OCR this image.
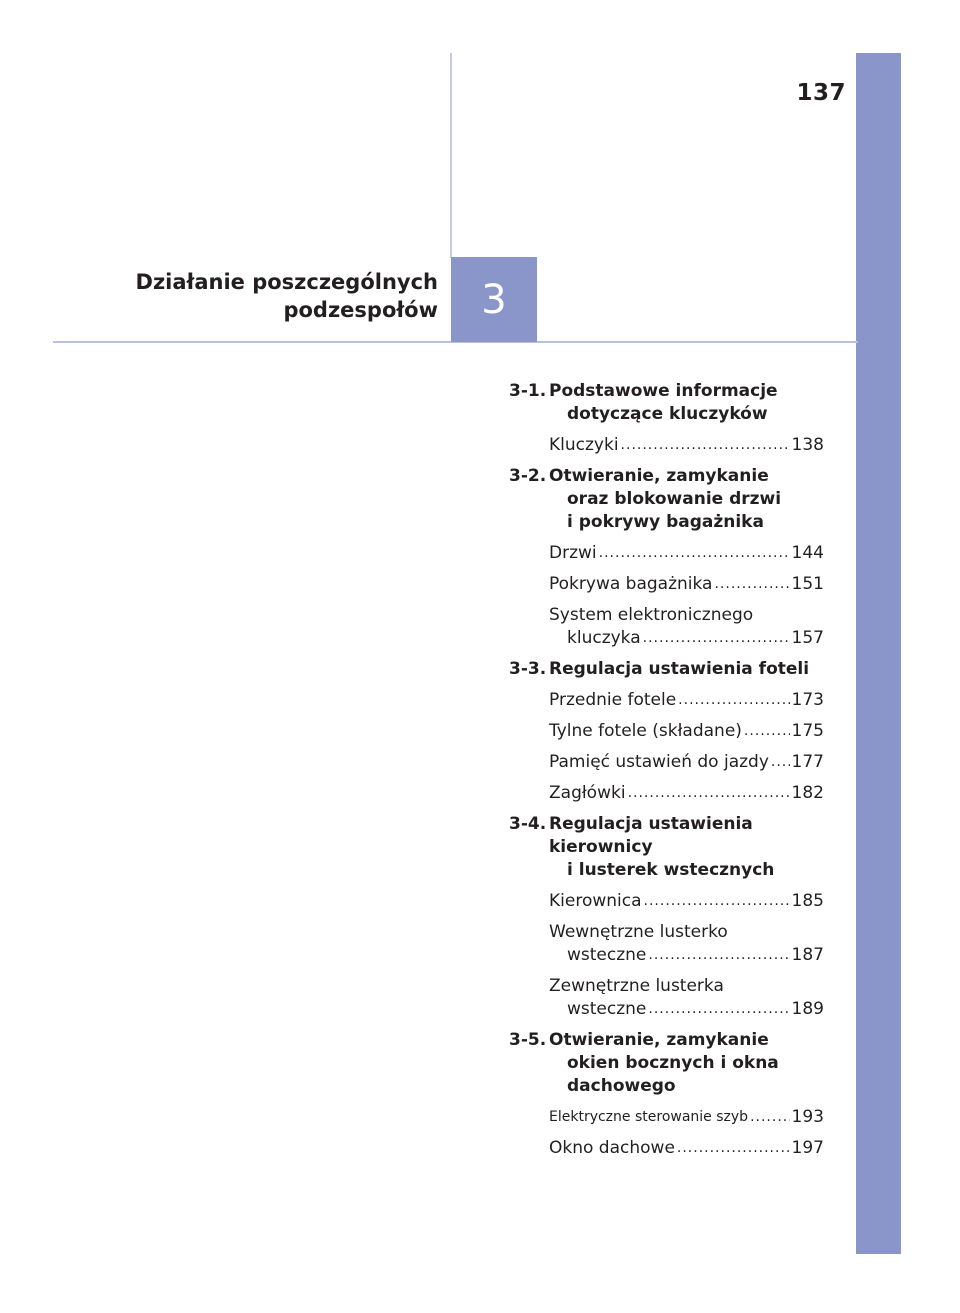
137
Działanie poszczególnych
podzespołów 3
3-1. Podstawowe informacje
dotyczące kluczyków
Kluczyki .....	138
3-2. Otwieranie, zamykanie
oraz blokowanie drzwi
i pokrywy bagażnika
Drzwi .....	144
Pokrywa bagażnika .....	151
System elektronicznego
kluczyka .....	157
3-3. Regulacja ustawienia foteli
Przednie fotele .....	173
Tylne fotele (składane) .....	175
Pamięć ustawień do jazdy ..... 177
Zagłówki .....	182
3-4. Regulacja ustawienia kierownicy
i lusterek wstecznych
Kierownica .....	185
Wewnętrzne lusterko
wsteczne .....	187
Zewnętrzne lusterka
wsteczne .....	189
3-5. Otwieranie, zamykanie
okien bocznych i okna
dachowego
Elektryczne sterowanie szyb .....	193
Okno dachowe .....	197
